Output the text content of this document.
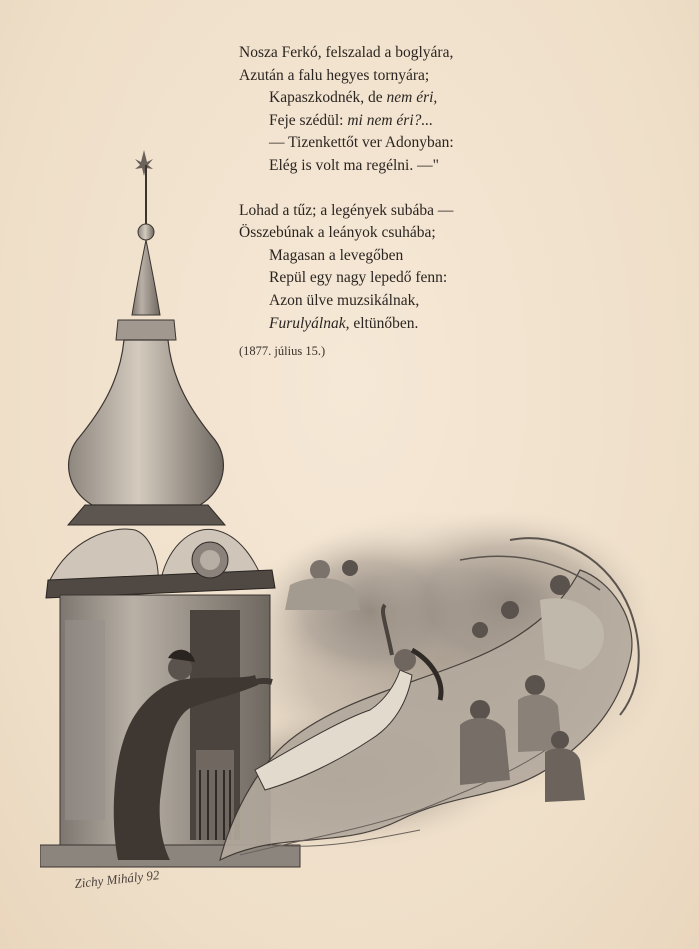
Nosza Ferkó, felszalad a boglyára,
Azután a falu hegyes tornyára;
Kapaszkodnék, de nem éri,
Feje szédül: mi nem éri?...
— Tizenkettőt ver Adonyban:
Elég is volt ma regélni. —"
Lohad a tűz; a legények subába —
Összebúnak a leányok csuhába;
Magasan a levegőben
Repül egy nagy lepedő fenn:
Azon ülve muzsikálnak,
Furulyálnak, eltünőben.
(1877. július 15.)
Zichy Mihály 92
